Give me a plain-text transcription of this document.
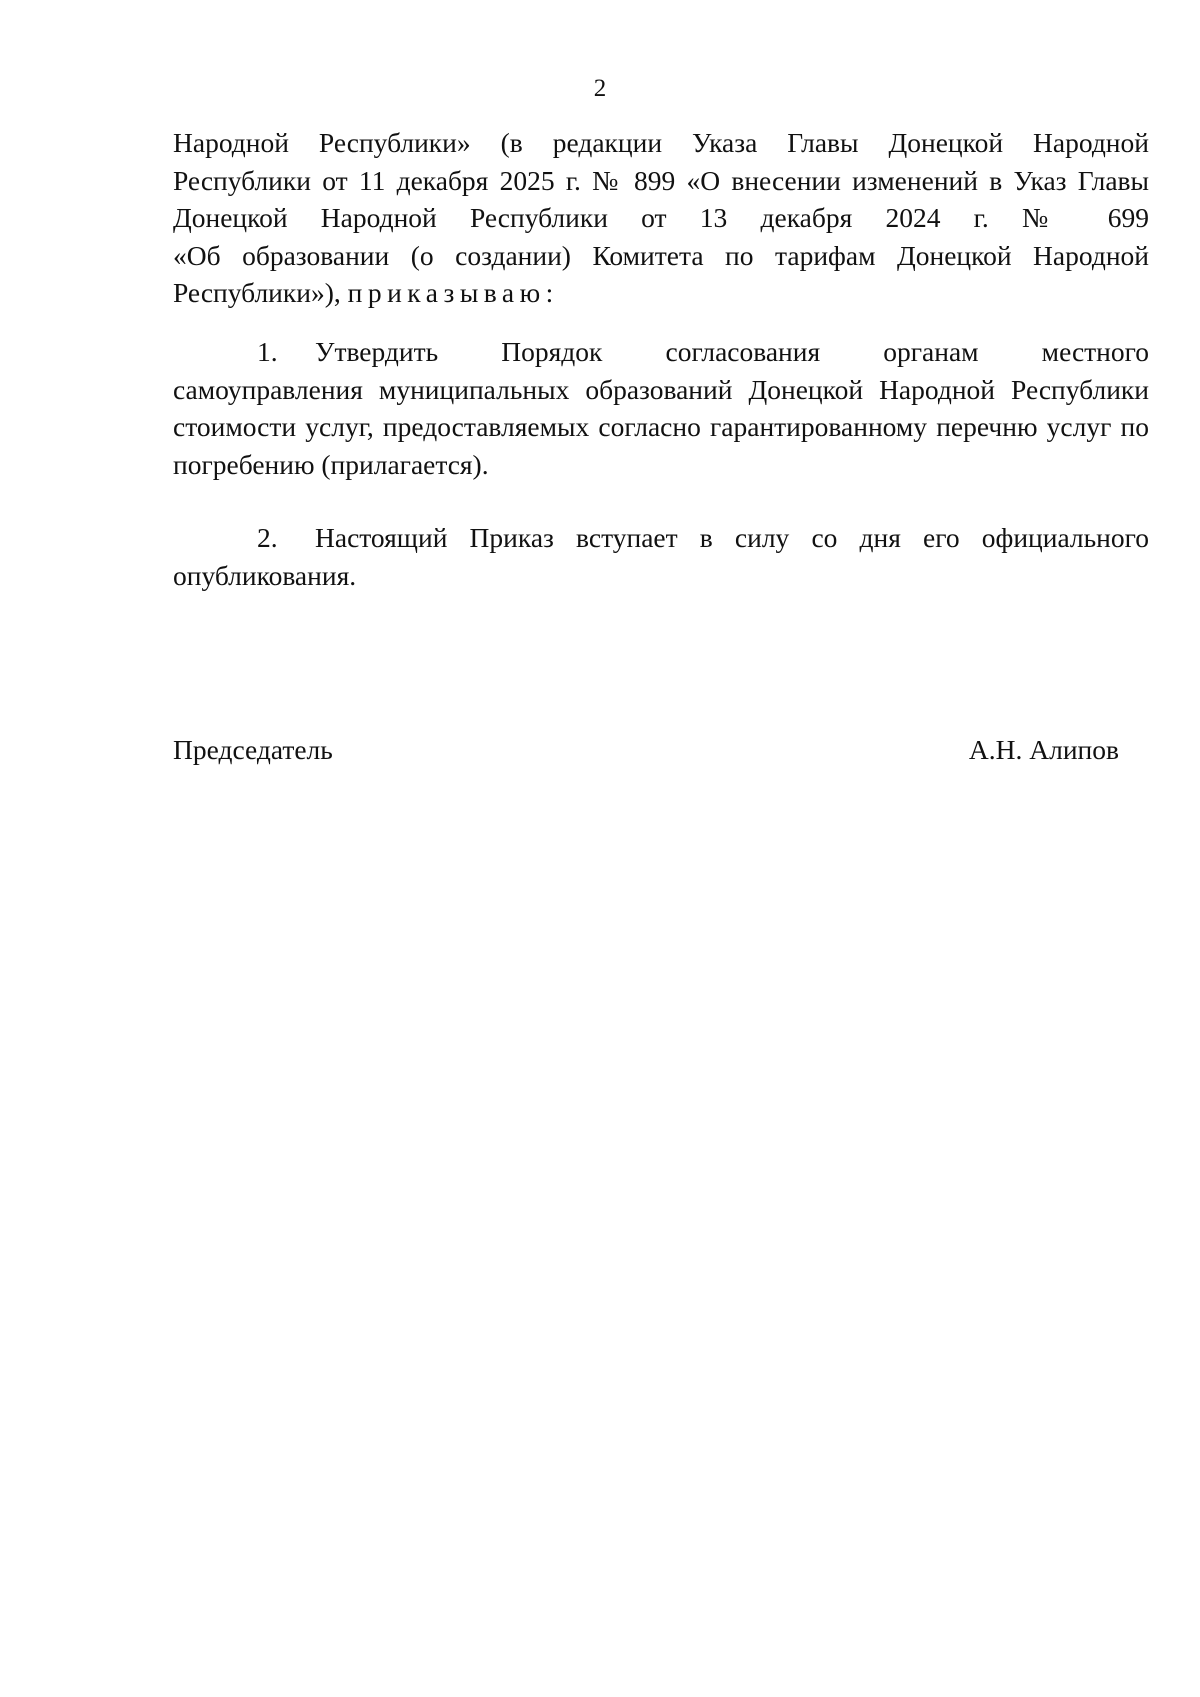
2
Народной Республики» (в редакции Указа Главы Донецкой Народной
Республики от 11 декабря 2025 г. № 899 «О внесении изменений в Указ Главы
Донецкой Народной Республики от 13 декабря 2024 г. № 699
«Об образовании (о создании) Комитета по тарифам Донецкой Народной
Республики»), приказываю:
1.	Утвердить Порядок согласования органам местного

самоуправления муниципальных образований Донецкой Народной Республики стоимости услуг, предоставляемых согласно гарантированному перечню услуг по погребению (прилагается).

2.	Настоящий Приказ вступает в силу со дня его официального

опубликования.

Председатель	А.Н. Алипов
